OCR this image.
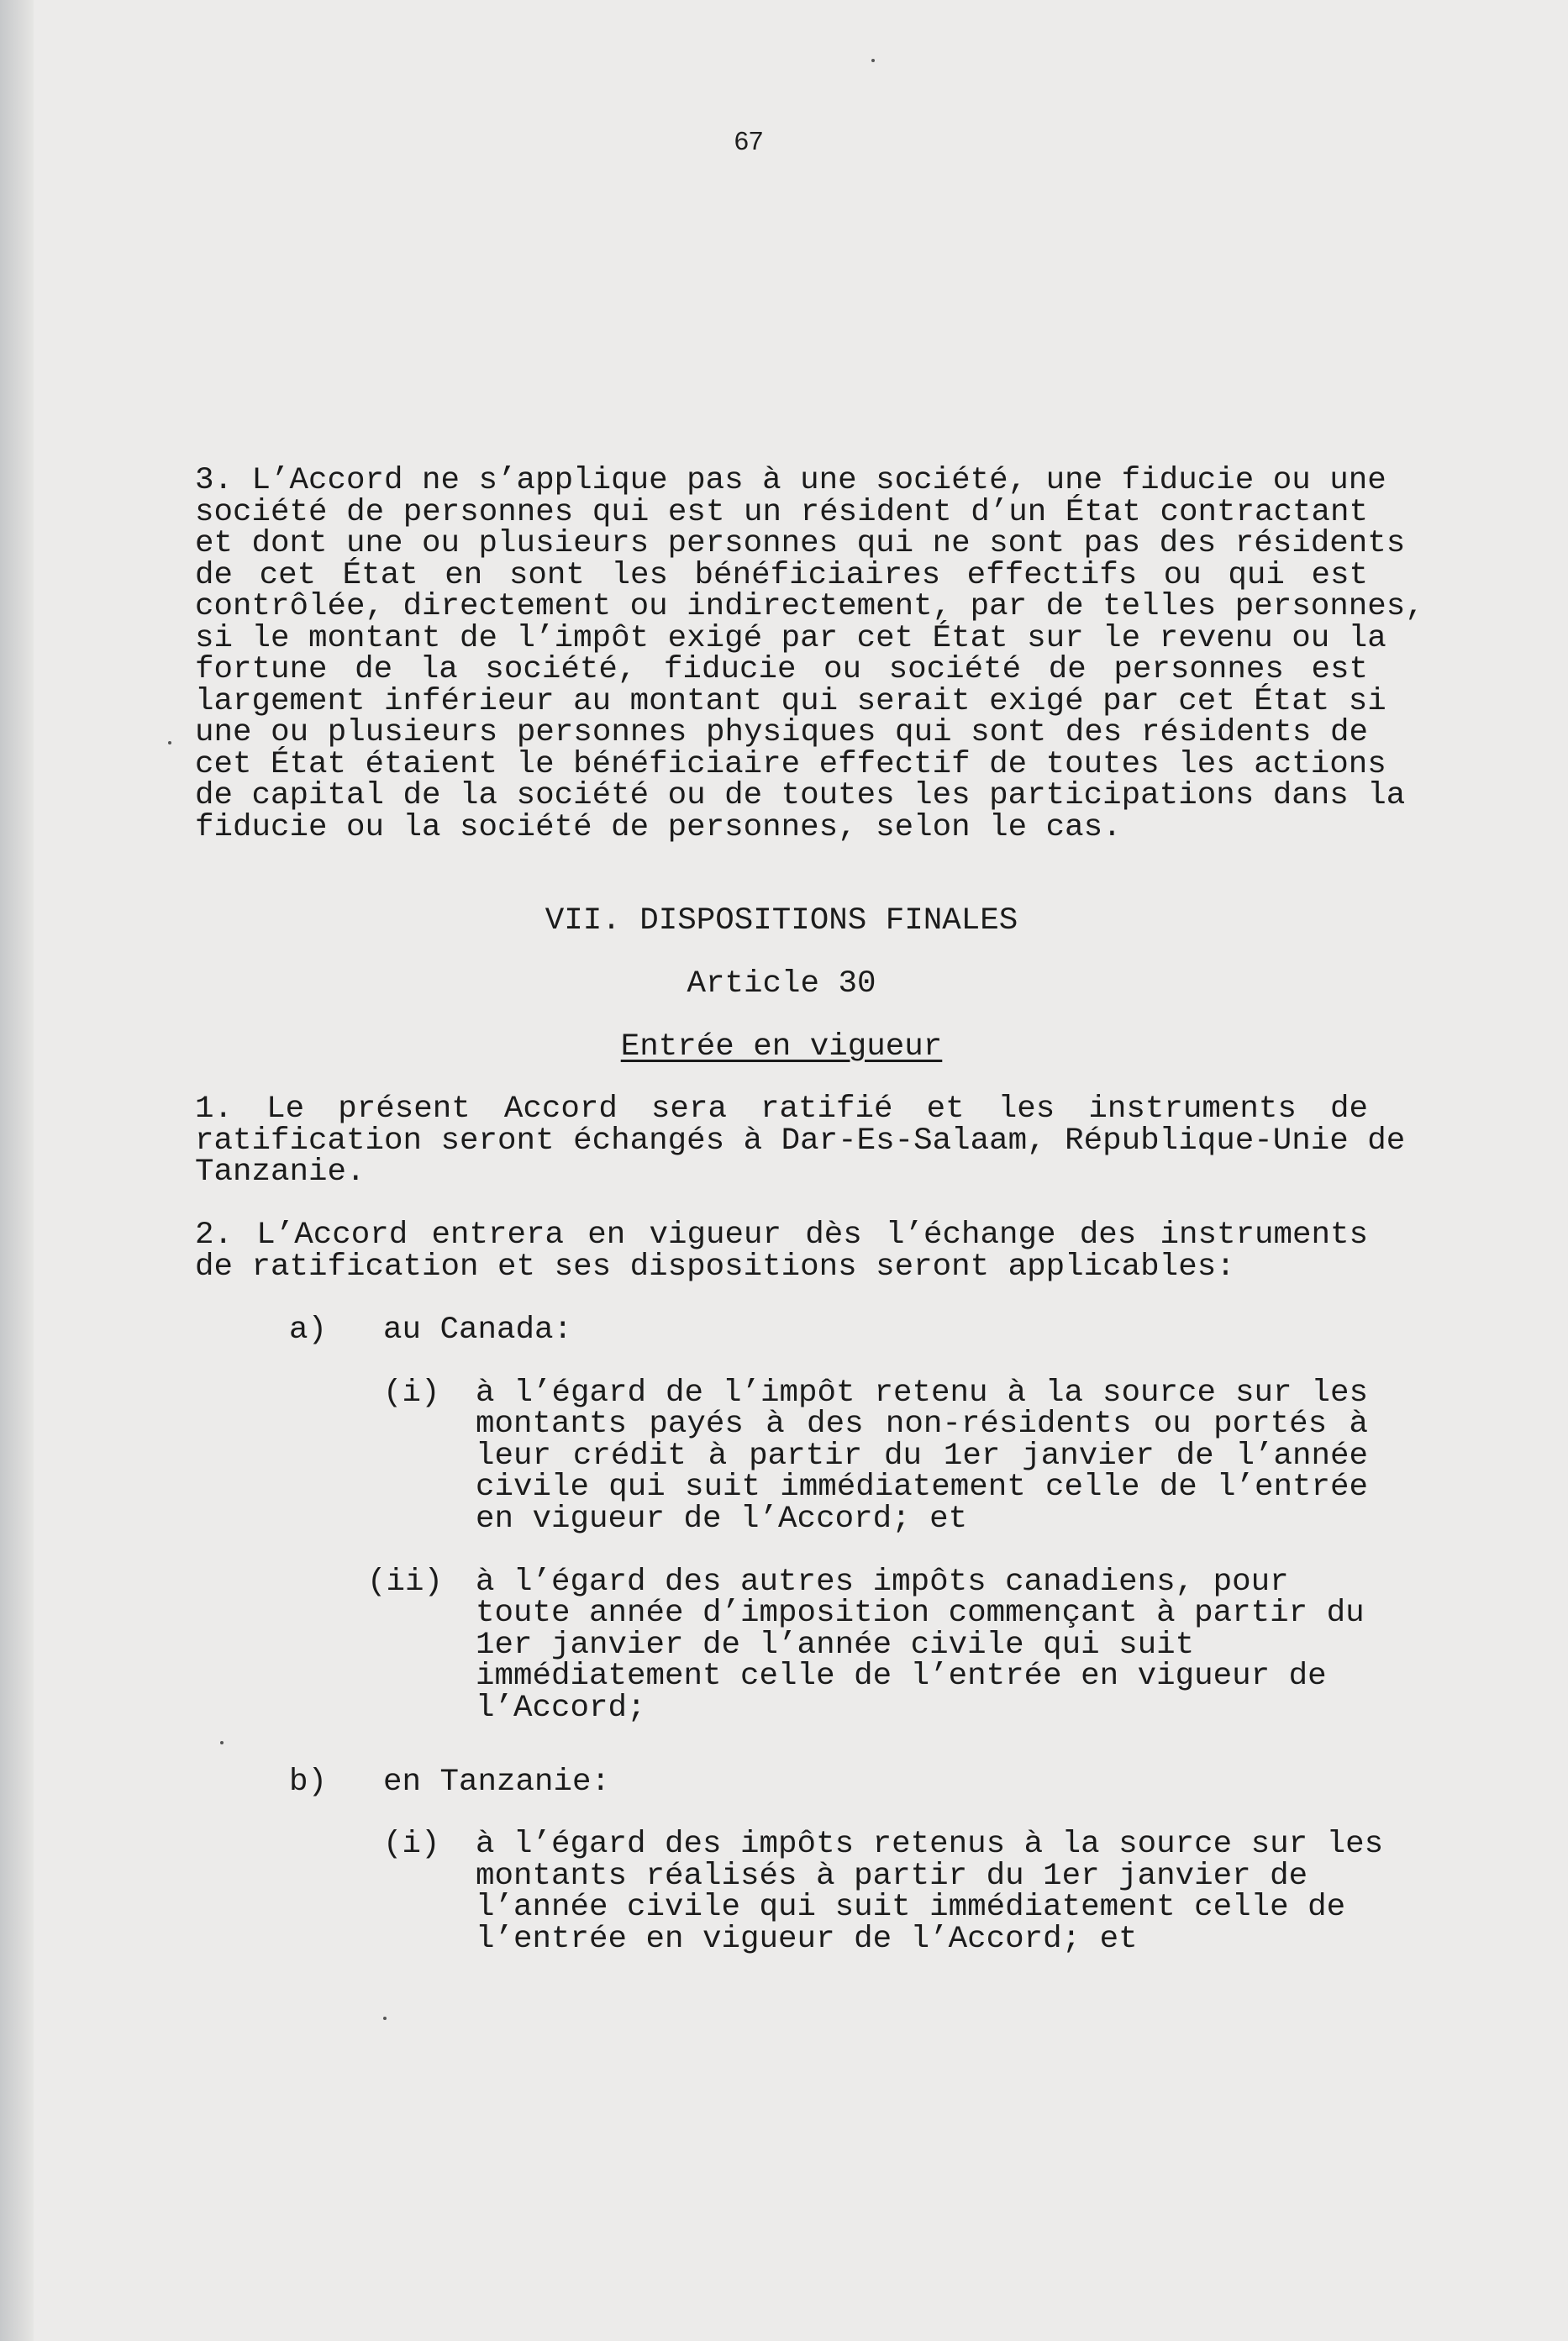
67
3. L’Accord ne s’applique pas à une société, une fiducie ou une
société de personnes qui est un résident d’un État contractant
et dont une ou plusieurs personnes qui ne sont pas des résidents
de cet État en sont les bénéficiaires effectifs ou qui est
contrôlée, directement ou indirectement, par de telles personnes,
si le montant de l’impôt exigé par cet État sur le revenu ou la
fortune de la société, fiducie ou société de personnes est
largement inférieur au montant qui serait exigé par cet État si
une ou plusieurs personnes physiques qui sont des résidents de
cet État étaient le bénéficiaire effectif de toutes les actions
de capital de la société ou de toutes les participations dans la
fiducie ou la société de personnes, selon le cas.
VII. DISPOSITIONS FINALES
Article 30
Entrée en vigueur
1. Le présent Accord sera ratifié et les instruments de
ratification seront échangés à Dar-Es-Salaam, République-Unie de
Tanzanie.
2. L’Accord entrera en vigueur dès l’échange des instruments
de ratification et ses dispositions seront applicables:
a) au Canada:
(i) à l’égard de l’impôt retenu à la source sur les
montants payés à des non-résidents ou portés à
leur crédit à partir du 1er janvier de l’année
civile qui suit immédiatement celle de l’entrée
en vigueur de l’Accord; et
(ii) à l’égard des autres impôts canadiens, pour
toute année d’imposition commençant à partir du
1er janvier de l’année civile qui suit
immédiatement celle de l’entrée en vigueur de
l’Accord;
b) en Tanzanie:
(i) à l’égard des impôts retenus à la source sur les
montants réalisés à partir du 1er janvier de
l’année civile qui suit immédiatement celle de
l’entrée en vigueur de l’Accord; et
